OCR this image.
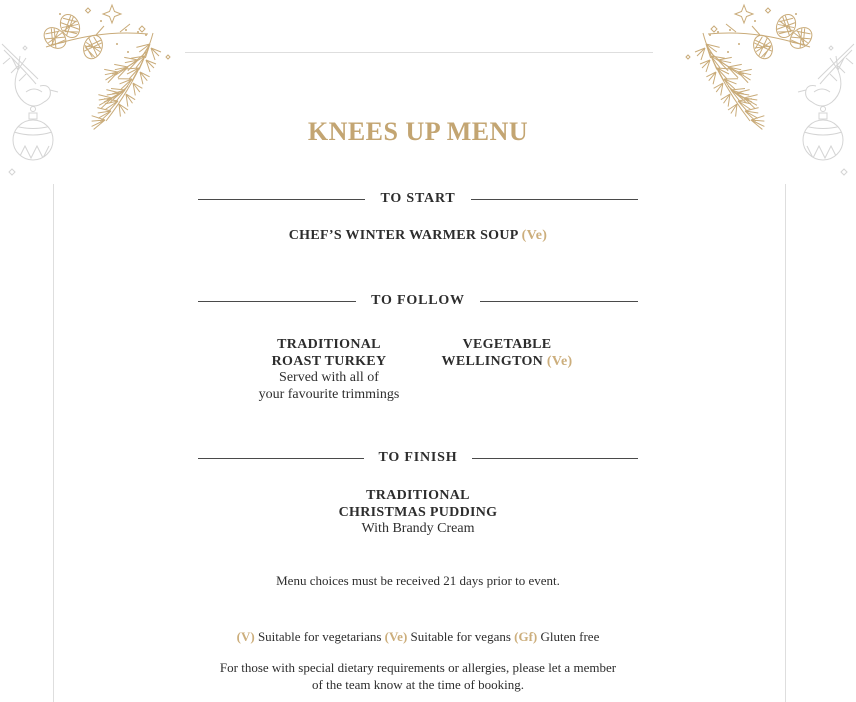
KNEES UP MENU
TO START
CHEF’S WINTER WARMER SOUP (Ve)
TO FOLLOW
TRADITIONAL
ROAST TURKEY
Served with all of
your favourite trimmings
VEGETABLE
WELLINGTON (Ve)
TO FINISH
TRADITIONAL
CHRISTMAS PUDDING
With Brandy Cream
Menu choices must be received 21 days prior to event.
(V) Suitable for vegetarians (Ve) Suitable for vegans (Gf) Gluten free
For those with special dietary requirements or allergies, please let a member
of the team know at the time of booking.
